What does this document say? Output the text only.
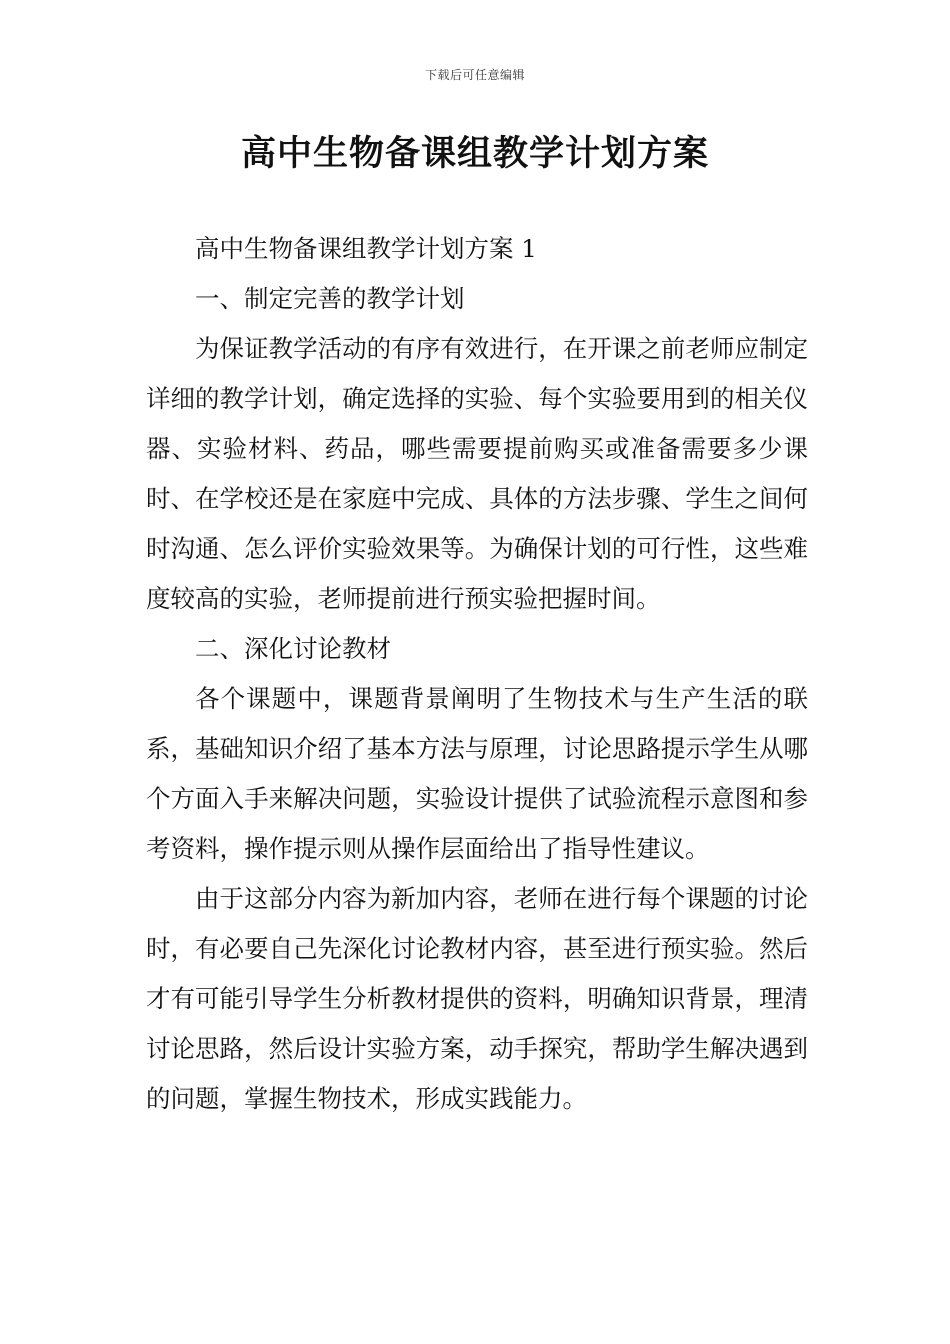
下载后可任意编辑
高中生物备课组教学计划方案

高中生物备课组教学计划方案 1

一、制定完善的教学计划

为保证教学活动的有序有效进行，在开课之前老师应制定详细的教学计划，确定选择的实验、每个实验要用到的相关仪器、实验材料、药品，哪些需要提前购买或准备需要多少课时、在学校还是在家庭中完成、具体的方法步骤、学生之间何时沟通、怎么评价实验效果等。为确保计划的可行性，这些难度较高的实验，老师提前进行预实验把握时间。

二、深化讨论教材

各个课题中，课题背景阐明了生物技术与生产生活的联系，基础知识介绍了基本方法与原理，讨论思路提示学生从哪个方面入手来解决问题，实验设计提供了试验流程示意图和参考资料，操作提示则从操作层面给出了指导性建议。

由于这部分内容为新加内容，老师在进行每个课题的讨论时，有必要自己先深化讨论教材内容，甚至进行预实验。然后才有可能引导学生分析教材提供的资料，明确知识背景，理清讨论思路，然后设计实验方案，动手探究，帮助学生解决遇到的问题，掌握生物技术，形成实践能力。
